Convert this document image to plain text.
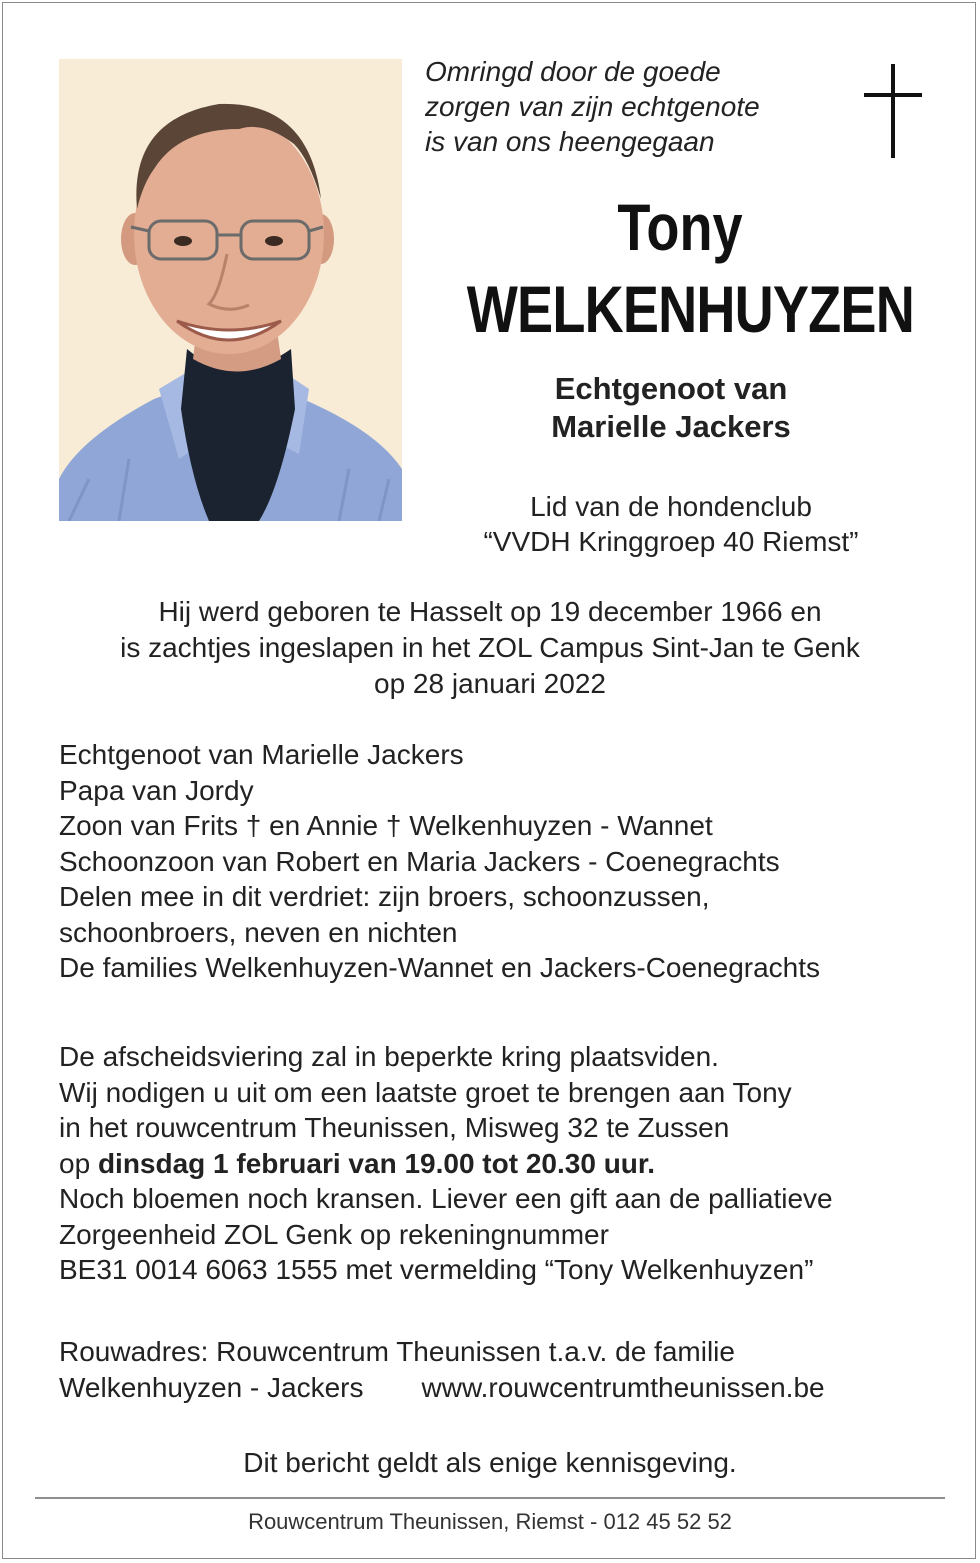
Omringd door de goede
zorgen van zijn echtgenote
is van ons heengegaan
Tony
WELKENHUYZEN
Echtgenoot van
Marielle Jackers
Lid van de hondenclub
“VVDH Kringgroep 40 Riemst”
Hij werd geboren te Hasselt op 19 december 1966 en
is zachtjes ingeslapen in het ZOL Campus Sint-Jan te Genk
op 28 januari 2022
Echtgenoot van Marielle Jackers
Papa van Jordy
Zoon van Frits † en Annie † Welkenhuyzen - Wannet
Schoonzoon van Robert en Maria Jackers - Coenegrachts
Delen mee in dit verdriet: zijn broers, schoonzussen,
schoonbroers, neven en nichten
De families Welkenhuyzen-Wannet en Jackers-Coenegrachts
De afscheidsviering zal in beperkte kring plaatsviden.
Wij nodigen u uit om een laatste groet te brengen aan Tony
in het rouwcentrum Theunissen, Misweg 32 te Zussen
op dinsdag 1 februari van 19.00 tot 20.30 uur.
Noch bloemen noch kransen. Liever een gift aan de palliatieve
Zorgeenheid ZOL Genk op rekeningnummer
BE31 0014 6063 1555 met vermelding “Tony Welkenhuyzen”
Rouwadres: Rouwcentrum Theunissen t.a.v. de familie
Welkenhuyzen - Jackers www.rouwcentrumtheunissen.be
Dit bericht geldt als enige kennisgeving.
Rouwcentrum Theunissen, Riemst - 012 45 52 52
